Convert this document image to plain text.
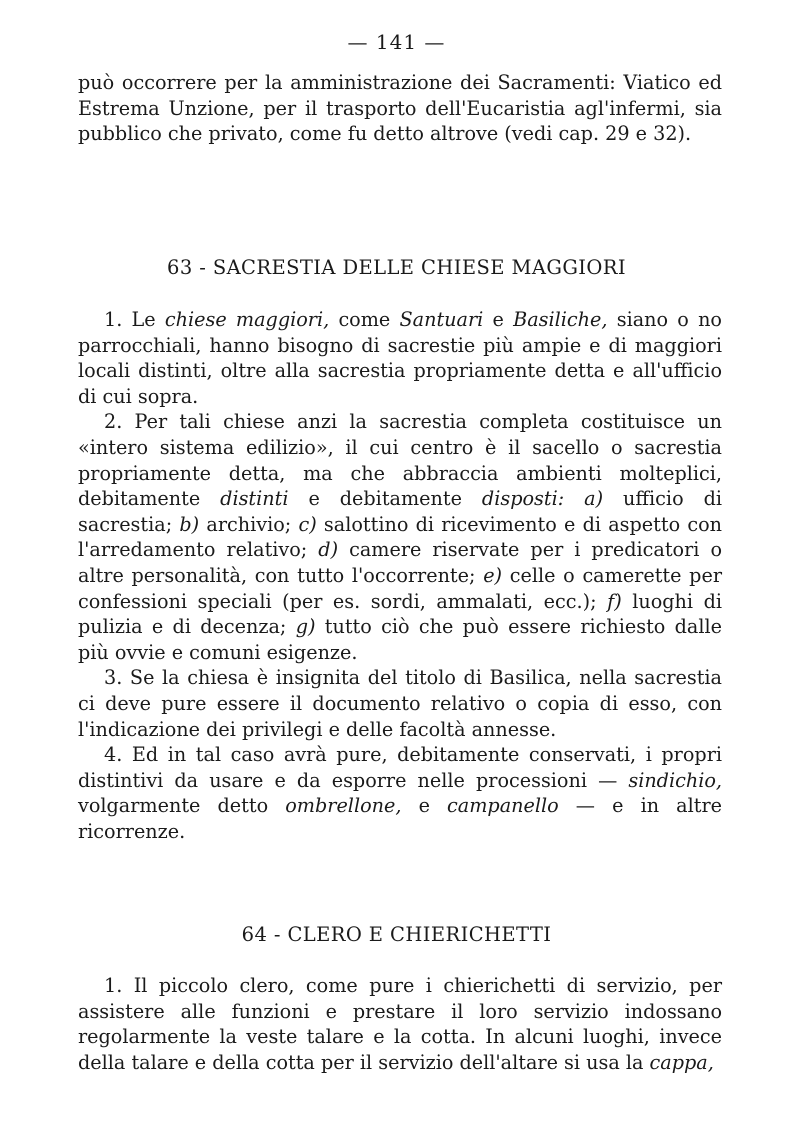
— 141 —

può occorrere per la amministrazione dei Sacramenti: Viatico ed Estrema Unzione, per il trasporto dell'Eucaristia agl'infermi, sia pubblico che privato, come fu detto altrove (vedi cap. 29 e 32).

63 - SACRESTIA DELLE CHIESE MAGGIORI

1. Le chiese maggiori, come Santuari e Basiliche, siano o no parrocchiali, hanno bisogno di sacrestie più ampie e di maggiori locali distinti, oltre alla sacrestia propriamente detta e all'ufficio di cui sopra.

2. Per tali chiese anzi la sacrestia completa costituisce un «intero sistema edilizio», il cui centro è il sacello o sacrestia propriamente detta, ma che abbraccia ambienti molteplici, debitamente distinti e debitamente disposti: a) ufficio di sacrestia; b) archivio; c) salottino di ricevimento e di aspetto con l'arredamento relativo; d) camere riservate per i predicatori o altre personalità, con tutto l'occorrente; e) celle o camerette per confessioni speciali (per es. sordi, ammalati, ecc.); f) luoghi di pulizia e di decenza; g) tutto ciò che può essere richiesto dalle più ovvie e comuni esigenze.

3. Se la chiesa è insignita del titolo di Basilica, nella sacrestia ci deve pure essere il documento relativo o copia di esso, con l'indicazione dei privilegi e delle facoltà annesse.

4. Ed in tal caso avrà pure, debitamente conservati, i propri distintivi da usare e da esporre nelle processioni — sindichio, volgarmente detto ombrellone, e campanello — e in altre ricorrenze.

64 - CLERO E CHIERICHETTI

1. Il piccolo clero, come pure i chierichetti di servizio, per assistere alle funzioni e prestare il loro servizio indossano regolarmente la veste talare e la cotta. In alcuni luoghi, invece della talare e della cotta per il servizio dell'altare si usa la cappa,
